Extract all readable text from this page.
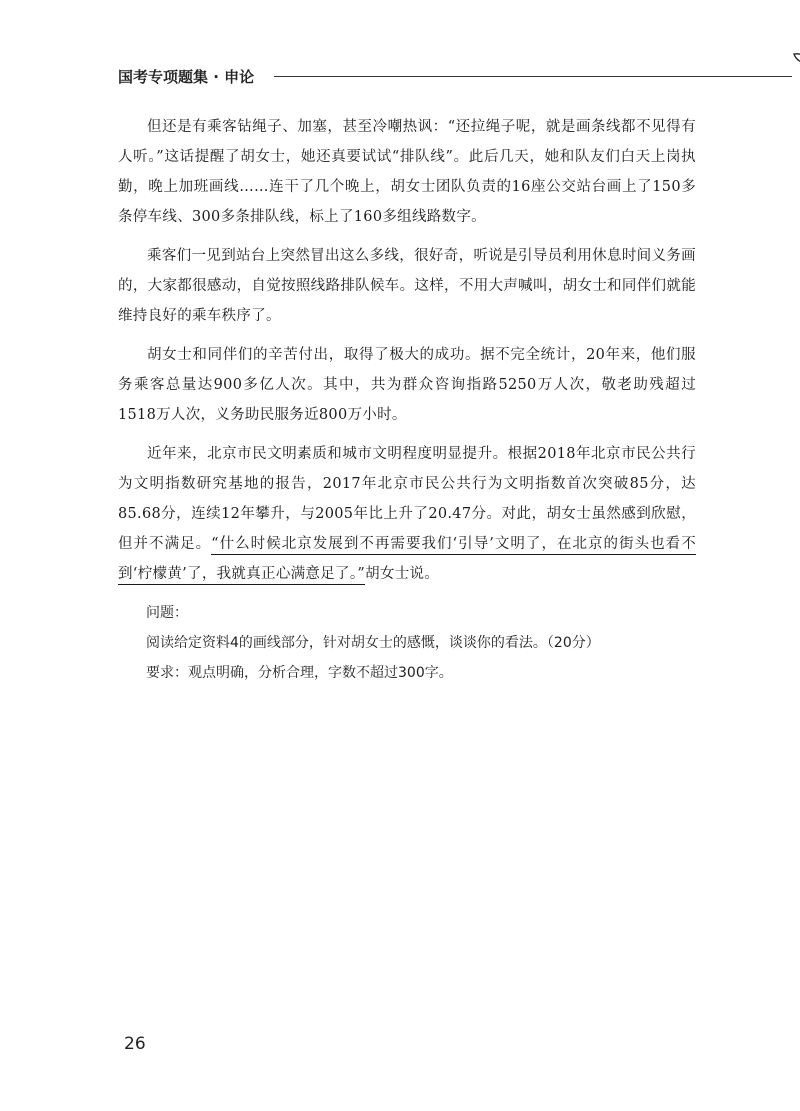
国考专项题集 · 申论

但还是有乘客钻绳子、加塞，甚至冷嘲热讽：“还拉绳子呢，就是画条线都不见得有人听。”这话提醒了胡女士，她还真要试试“排队线”。此后几天，她和队友们白天上岗执勤，晚上加班画线……连干了几个晚上，胡女士团队负责的16座公交站台画上了150多条停车线、300多条排队线，标上了160多组线路数字。

乘客们一见到站台上突然冒出这么多线，很好奇，听说是引导员利用休息时间义务画的，大家都很感动，自觉按照线路排队候车。这样，不用大声喊叫，胡女士和同伴们就能维持良好的乘车秩序了。

胡女士和同伴们的辛苦付出，取得了极大的成功。据不完全统计，20年来，他们服务乘客总量达900多亿人次。其中，共为群众咨询指路5250万人次，敬老助残超过1518万人次，义务助民服务近800万小时。

近年来，北京市民文明素质和城市文明程度明显提升。根据2018年北京市民公共行为文明指数研究基地的报告，2017年北京市民公共行为文明指数首次突破85分，达85.68分，连续12年攀升，与2005年比上升了20.47分。对此，胡女士虽然感到欣慰，但并不满足。“什么时候北京发展到不再需要我们‘引导’文明了，在北京的街头也看不到‘柠檬黄’了，我就真正心满意足了。”胡女士说。

问题：

阅读给定资料4的画线部分，针对胡女士的感慨，谈谈你的看法。（20分）

要求：观点明确，分析合理，字数不超过300字。

26
